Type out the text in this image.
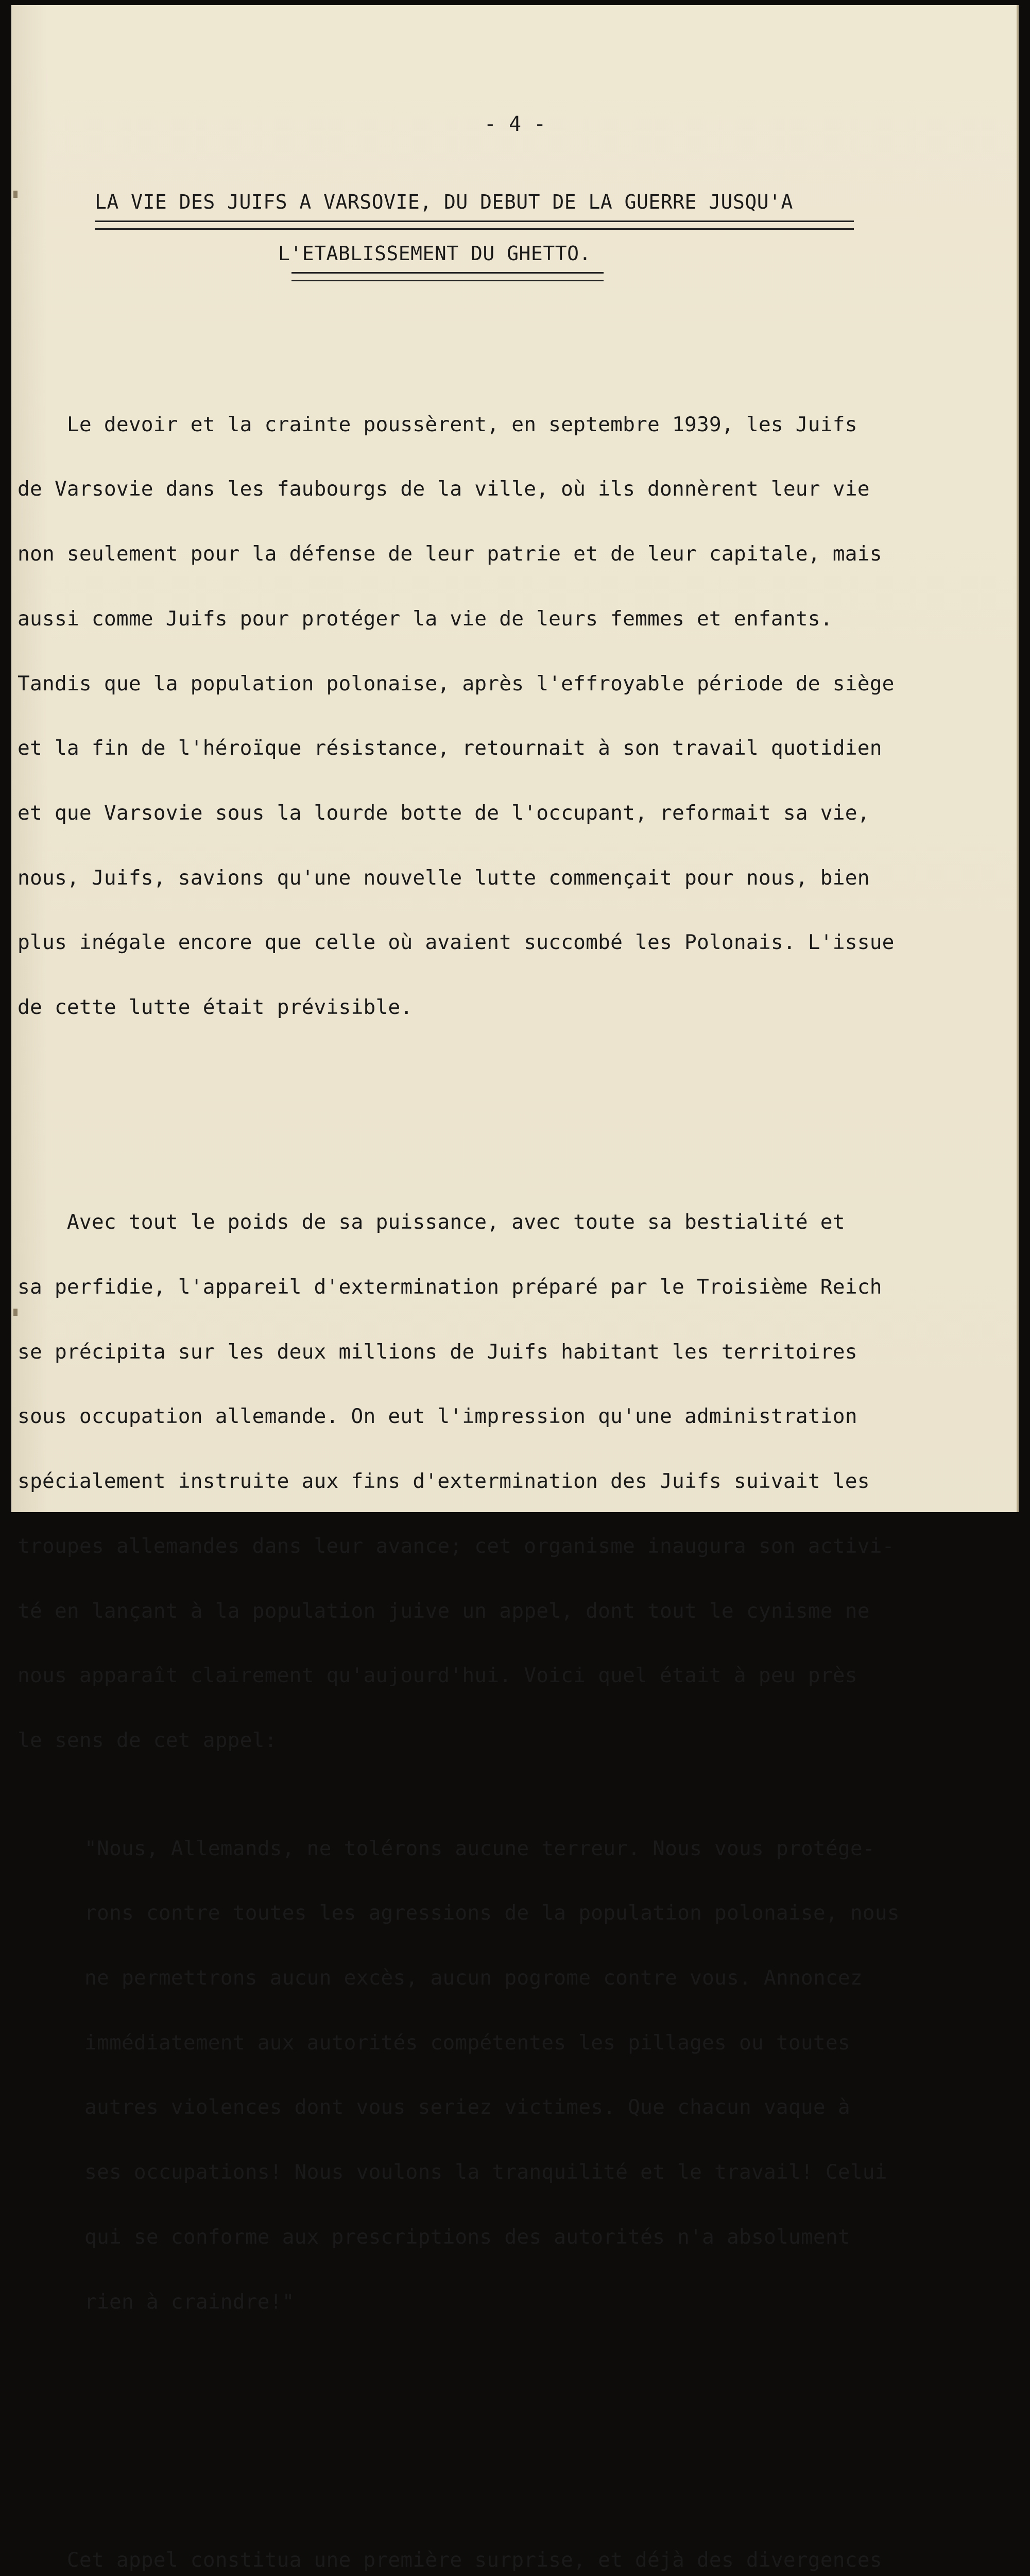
- 4 -
LA VIE DES JUIFS A VARSOVIE, DU DEBUT DE LA GUERRE JUSQU'A
L'ETABLISSEMENT DU GHETTO.

Le devoir et la crainte poussèrent, en septembre 1939, les Juifs

de Varsovie dans les faubourgs de la ville, où ils donnèrent leur vie

non seulement pour la défense de leur patrie et de leur capitale, mais

aussi comme Juifs pour protéger la vie de leurs femmes et enfants.

Tandis que la population polonaise, après l'effroyable période de siège

et la fin de l'héroïque résistance, retournait à son travail quotidien

et que Varsovie sous la lourde botte de l'occupant, reformait sa vie,

nous, Juifs, savions qu'une nouvelle lutte commençait pour nous, bien

plus inégale encore que celle où avaient succombé les Polonais. L'issue

de cette lutte était prévisible.

Avec tout le poids de sa puissance, avec toute sa bestialité et

sa perfidie, l'appareil d'extermination préparé par le Troisième Reich

se précipita sur les deux millions de Juifs habitant les territoires

sous occupation allemande. On eut l'impression qu'une administration

spécialement instruite aux fins d'extermination des Juifs suivait les

troupes allemandes dans leur avance; cet organisme inaugura son activi-

té en lançant à la population juive un appel, dont tout le cynisme ne

nous apparaît clairement qu'aujourd'hui. Voici quel était à peu près

le sens de cet appel:

"Nous, Allemands, ne tolérons aucune terreur. Nous vous protége-

rons contre toutes les agressions de la population polonaise, nous

ne permettrons aucun excès, aucun pogrome contre vous. Annoncez

immédiatement aux autorités compétentes les pillages ou toutes

autres violences dont vous seriez victimes. Que chacun vaque à

ses occupations! Nous voulons la tranquilité et le travail! Celui

qui se conforme aux prescriptions des autorités n'a absolument

rien à craindre!"

Cet appel constitua une première surprise, et déjà des divergences
